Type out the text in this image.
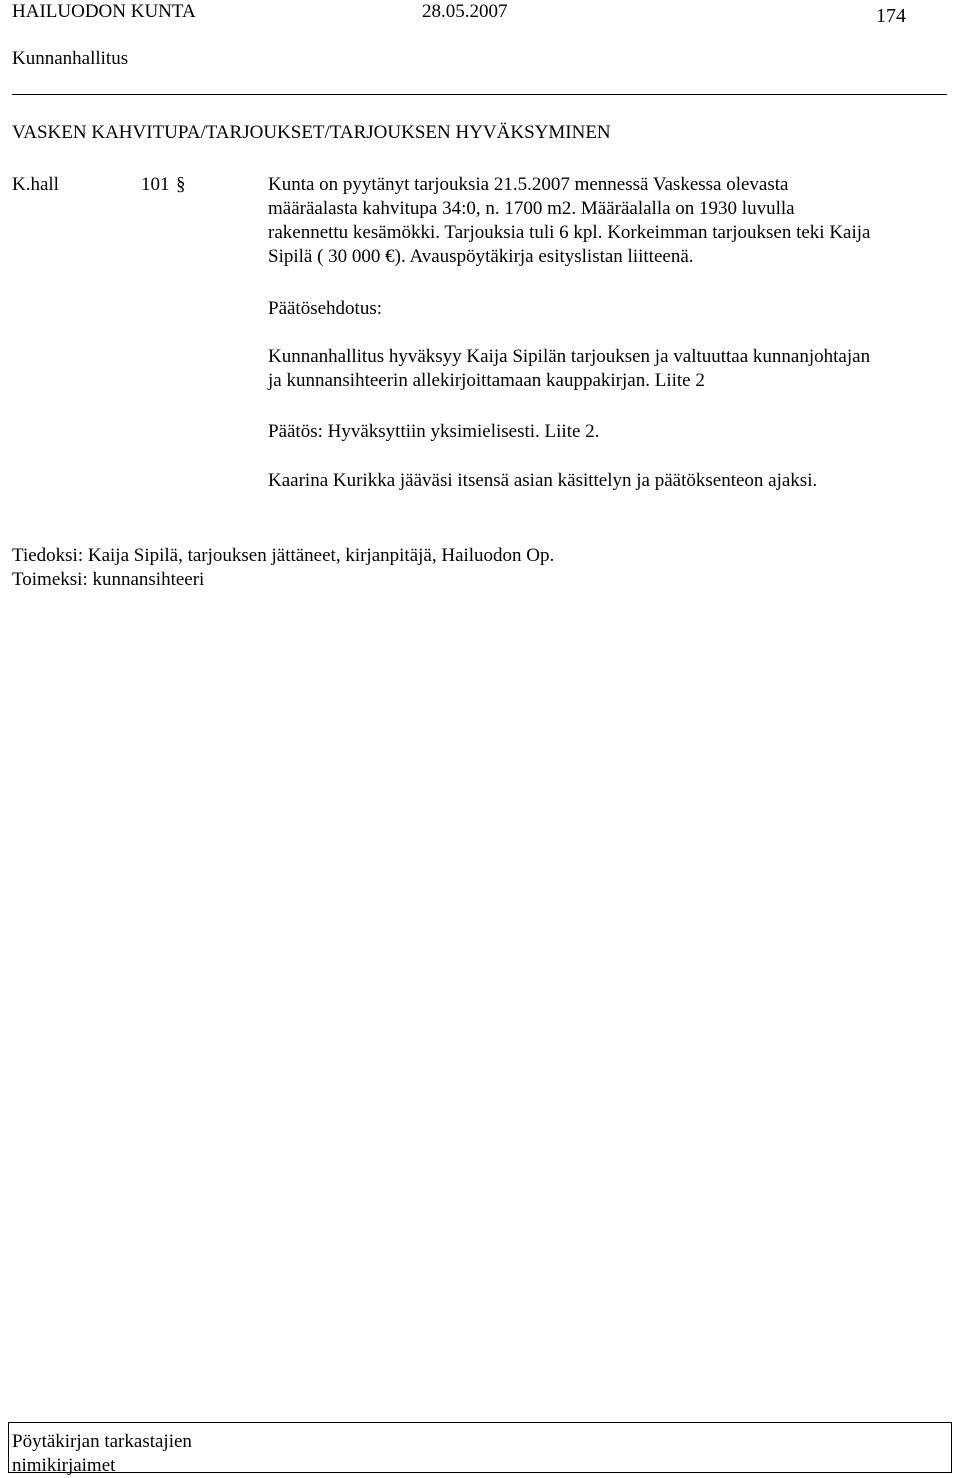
HAILUODON KUNTA	28.05.2007	174
Kunnanhallitus
VASKEN KAHVITUPA/TARJOUKSET/TARJOUKSEN HYVÄKSYMINEN
K.hall	101 §	Kunta on pyytänyt tarjouksia 21.5.2007 mennessä Vaskessa olevasta
määräalasta kahvitupa 34:0, n. 1700 m2. Määräalalla on 1930 luvulla
rakennettu kesämökki. Tarjouksia tuli 6 kpl. Korkeimman tarjouksen teki Kaija
Sipilä ( 30 000 €). Avauspöytäkirja esityslistan liitteenä.
Päätösehdotus:
Kunnanhallitus hyväksyy Kaija Sipilän tarjouksen ja valtuuttaa kunnanjohtajan
ja kunnansihteerin allekirjoittamaan kauppakirjan. Liite 2
Päätös: Hyväksyttiin yksimielisesti. Liite 2.
Kaarina Kurikka jääväsi itsensä asian käsittelyn ja päätöksenteon ajaksi.
Tiedoksi: Kaija Sipilä, tarjouksen jättäneet, kirjanpitäjä, Hailuodon Op.
Toimeksi: kunnansihteeri
Pöytäkirjan tarkastajien
nimikirjaimet
